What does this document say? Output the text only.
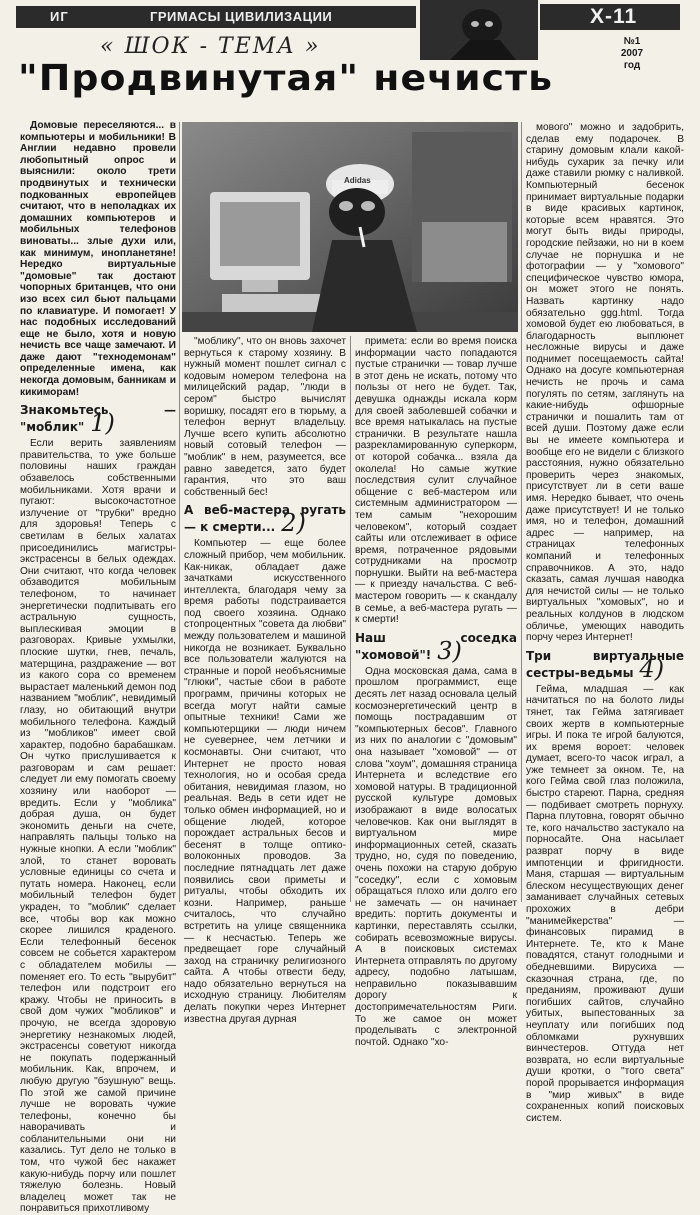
ИГ	ГРИМАСЫ ЦИВИЛИЗАЦИИ	X-11
№1
2007 год
« ШОК - ТЕМА »
"Продвинутая" нечисть

Домовые переселяются... в компьютеры и мобильники! В Англии недавно провели любопытный опрос и выяснили: около трети продвинутых и технически подкованных европейцев считают, что в неполадках их домашних компьютеров и мобильных телефонов виноваты... злые духи или, как минимум, инопланетяне! Нередко виртуальные "домовые" так достают чопорных британцев, что они изо всех сил бьют пальцами по клавиатуре. И помогает! У нас подобных исследований еще не было, хотя и новую нечисть все чаще замечают. И даже дают "технодемонам" определенные имена, как некогда домовым, банникам и кикиморам!

Знакомьтесь — "моблик" 1)

Если верить заявлениям правительства, то уже больше половины наших граждан обзавелось собственными мобильниками. Хотя врачи и пугают: высокочастотное излучение от "трубки" вредно для здоровья! Теперь с светилам в белых халатах присоединились магистры-экстрасенсы в белых одеждах. Они считают, что когда человек обзаводится мобильным телефоном, то начинает энергетически подпитывать его астральную сущность, выплескивая эмоции в разговорах. Кривые ухмылки, плоские шутки, гнев, печаль, матерщина, раздражение — вот из какого сора со временем вырастает маленький демон под названием "моблик", невидимый глазу, но обитающий внутри мобильного телефона. Каждый из "мобликов" имеет свой характер, подобно барабашкам. Он чутко прислушивается к разговорам и сам решает: следует ли ему помогать своему хозяину или наоборот — вредить. Если у "моблика" добрая душа, он будет экономить деньги на счете, направлять пальцы только на нужные кнопки. А если "моблик" злой, то станет воровать условные единицы со счета и путать номера. Наконец, если мобильный телефон будет украден, то "моблик" сделает все, чтобы вор как можно скорее лишился краденого. Если телефонный бесенок совсем не собьется характером с обладателем мобилы — поменяет его. То есть "вырубит" телефон или подстроит его кражу. Чтобы не приносить в свой дом чужих "мобликов" и прочую, не всегда здоровую энергетику незнакомых людей, экстрасенсы советуют никогда не покупать подержанный мобильник. Как, впрочем, и любую другую "бэушную" вещь. По этой же самой причине лучше не воровать чужие телефоны, конечно бы наворачивать и собланительными они ни казались. Тут дело не только в том, что чужой бес накажет какую-нибудь порчу или пошлет тяжелую болезнь. Новый владелец может так не понравиться прихотливому

Adidas

"моблику", что он вновь захочет вернуться к старому хозяину. В нужный момент пошлет сигнал с кодовым номером телефона на милицейский радар, "люди в сером" быстро вычислят воришку, посадят его в тюрьму, а телефон вернут владельцу. Лучше всего купить абсолютно новый сотовый телефон — "моблик" в нем, разумеется, все равно заведется, зато будет гарантия, что это ваш собственный бес!

А веб-мастера ругать — к смерти... 2)

Компьютер — еще более сложный прибор, чем мобильник. Как-никак, обладает даже зачатками искусственного интеллекта, благодаря чему за время работы подстраивается под своего хозяина. Однако стопроцентных "совета да любви" между пользователем и машиной никогда не возникает. Буквально все пользователи жалуются на странные и порой необъяснимые "глюки", частые сбои в работе программ, причины которых не всегда могут найти самые опытные техники! Сами же компьютерщики — люди ничем не суевернее, чем летчики и космонавты. Они считают, что Интернет не просто новая технология, но и особая среда обитания, невидимая глазом, но реальная. Ведь в сети идет не только обмен информацией, но и общение людей, которое порождает астральных бесов и бесенят в толще оптико-волоконных проводов. За последние пятнадцать лет даже появились свои приметы и ритуалы, чтобы обходить их козни. Например, раньше считалось, что случайно встретить на улице священника — к несчастью. Теперь же предвещает горе случайный заход на страничку религиозного сайта. А чтобы отвести беду, надо обязательно вернуться на исходную страницу. Любителям делать покупки через Интернет известна другая дурная

примета: если во время поиска информации часто попадаются пустые странички — товар лучше в этот день не искать, потому что пользы от него не будет. Так, девушка однажды искала корм для своей заболевшей собачки и все время натыкалась на пустые странички. В результате нашла разрекламированную суперкорм, от которой собачка... взяла да околела! Но самые жуткие последствия сулит случайное общение с веб-мастером или системным администратором — тем самым "нехорошим человеком", который создает сайты или отслеживает в офисе время, потраченное рядовыми сотрудниками на просмотр порнушки. Выйти на веб-мастера — к приезду начальства. С веб-мастером говорить — к скандалу в семье, а веб-мастера ругать — к смерти!

Наш соседка "хомовой"! 3)

Одна московская дама, сама в прошлом программист, еще десять лет назад основала целый космоэнергетический центр в помощь пострадавшим от "компьютерных бесов". Главного из них по аналогии с "домовым" она называет "хомовой" — от слова "хоум", домашняя страница Интернета и вследствие его хомовой натуры. В традиционной русской культуре домовых изображают в виде волосатых человечков. Как они выглядят в виртуальном мире информационных сетей, сказать трудно, но, судя по поведению, очень похожи на старую добрую "соседку", если с хомовым обращаться плохо или долго его не замечать — он начинает вредить: портить документы и картинки, переставлять ссылки, собирать всевозможные вирусы. А в поисковых системах Интернета отправлять по другому адресу, подобно латышам, неправильно показывавшим дорогу к достопримечательностям Риги. То же самое он может проделывать с электронной почтой. Однако "хо-

мового" можно и задобрить, сделав ему подарочек. В старину домовым клали какой-нибудь сухарик за печку или даже ставили рюмку с наливкой. Компьютерный бесенок принимает виртуальные подарки в виде красивых картинок, которые всем нравятся. Это могут быть виды природы, городские пейзажи, но ни в коем случае не порнушка и не фотографии — у "хомового" специфическое чувство юмора, он может этого не понять. Назвать картинку надо обязательно ggg.html. Тогда хомовой будет ею любоваться, в благодарность выплюнет несложные вирусы и даже поднимет посещаемость сайта! Однако на досуге компьютерная нечисть не прочь и сама погулять по сетям, заглянуть на какие-нибудь офшорные странички и пошалить там от всей души. Поэтому даже если вы не имеете компьютера и вообще его не видели с близкого расстояния, нужно обязательно проверить через знакомых, присутствует ли в сети ваше имя. Нередко бывает, что очень даже присутствует! И не только имя, но и телефон, домашний адрес — например, на страницах телефонных компаний и телефонных справочников. А это, надо сказать, самая лучшая наводка для нечистой силы — не только виртуальных "хомовых", но и реальных колдунов в людском обличье, умеющих наводить порчу через Интернет!

Три виртуальные сестры-ведьмы 4)

Гейма, младшая — как начитаться по на болото лиды тянет, так Гейма затягивает своих жертв в компьютерные игры. И пока те игрой балуются, их время вороет: человек думает, всего-то часок играл, а уже темнеет за окном. Те, на кого Гейма свой глаз положила, быстро стареют. Парна, средняя — подбивает смотреть порнуху. Парна плутовна, говорят обычно те, кого начальство застукало на порносайте. Она насылает разврат порчу в виде импотенции и фригидности. Маня, старшая — виртуальным блеском несуществующих денег заманивает случайных сетевых прохожих в дебри "манимейкерства" — финансовых пирамид в Интернете. Те, кто к Мане повадятся, станут голодными и обедневшими. Вирусиха — сказочная страна, где, по преданиям, проживают души погибших сайтов, случайно убитых, выпестованных за неуплату или погибших под обломками рухнувших винчестеров. Оттуда нет возврата, но если виртуальные души кротки, о "того света" порой прорывается информация в "мир живых" в виде сохраненных копий поисковых систем.
